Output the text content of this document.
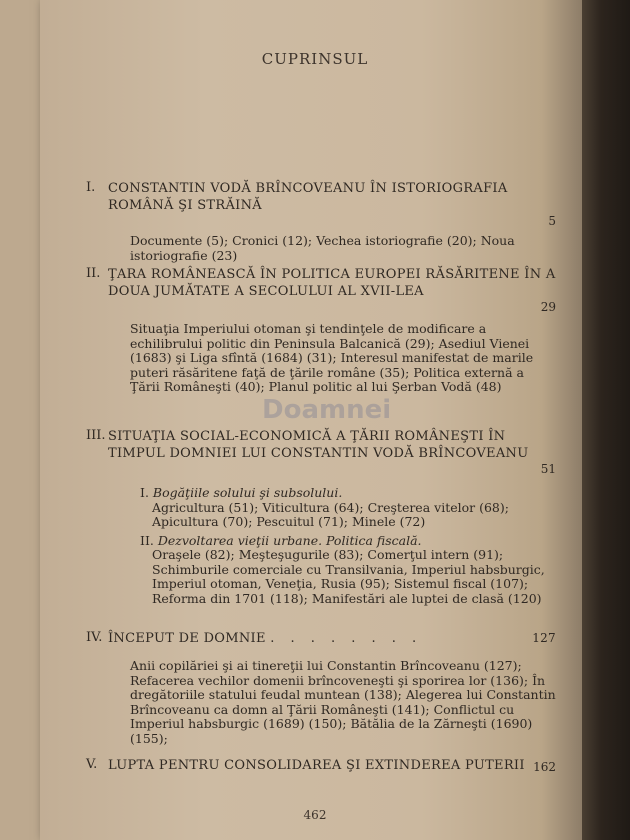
CUPRINSUL
I. CONSTANTIN VODĂ BRÎNCOVEANU ÎN ISTORIOGRAFIA ROMÂNĂ ŞI STRĂINĂ
5
Documente (5); Cronici (12); Vechea istoriografie (20); Noua istoriografie (23)
II. ŢARA ROMÂNEASCĂ ÎN POLITICA EUROPEI RĂSĂRITENE ÎN A DOUA JUMĂTATE A SECOLULUI AL XVII-LEA
29
Situaţia Imperiului otoman şi tendinţele de modificare a echilibrului politic din Peninsula Balcanică (29); Asediul Vienei (1683) şi Liga sfîntă (1684) (31); Interesul manifestat de marile puteri răsăritene faţă de ţările române (35); Politica externă a Ţării Româneşti (40); Planul politic al lui Şerban Vodă (48)
III. SITUAŢIA SOCIAL-ECONOMICĂ A ŢĂRII ROMÂNEŞTI ÎN TIMPUL DOMNIEI LUI CONSTANTIN VODĂ BRÎNCOVEANU
51
I. Bogăţiile solului şi subsolului.
Agricultura (51); Viticultura (64); Creşterea vitelor (68); Apicultura (70); Pescuitul (71); Minele (72)
II. Dezvoltarea vieţii urbane. Politica fiscală.
Oraşele (82); Meşteşugurile (83); Comerţul intern (91); Schimburile comerciale cu Transilvania, Imperiul habsburgic, Imperiul otoman, Veneţia, Rusia (95); Sistemul fiscal (107); Reforma din 1701 (118); Manifestări ale luptei de clasă (120)
IV. ÎNCEPUT DE DOMNIE . . . . . . . .	127
Anii copilăriei şi ai tinereţii lui Constantin Brîncoveanu (127); Refacerea vechilor domenii brîncoveneşti şi sporirea lor (136); În dregătoriile statului feudal muntean (138); Alegerea lui Constantin Brîncoveanu ca domn al Ţării Româneşti (141); Conflictul cu Imperiul habsburgic (1689) (150); Bătălia de la Zărneşti (1690) (155);
V. LUPTA PENTRU CONSOLIDAREA ŞI EXTINDEREA PUTERII 162
Doamnei
462
